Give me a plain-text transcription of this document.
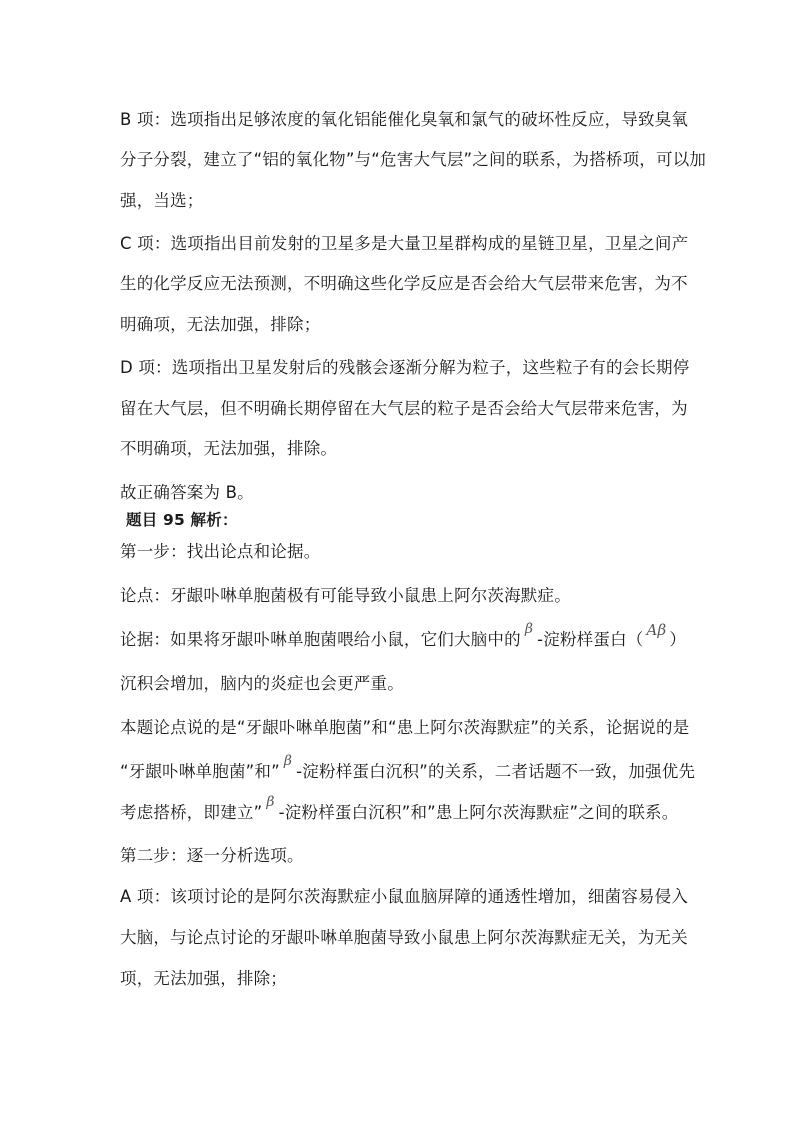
B 项：选项指出足够浓度的氧化铝能催化臭氧和氯气的破坏性反应，导致臭氧
分子分裂，建立了“铝的氧化物”与“危害大气层”之间的联系，为搭桥项，可以加
强，当选；
C 项：选项指出目前发射的卫星多是大量卫星群构成的星链卫星，卫星之间产
生的化学反应无法预测，不明确这些化学反应是否会给大气层带来危害，为不
明确项，无法加强，排除；
D 项：选项指出卫星发射后的残骸会逐渐分解为粒子，这些粒子有的会长期停
留在大气层，但不明确长期停留在大气层的粒子是否会给大气层带来危害，为
不明确项，无法加强，排除。
故正确答案为 B。
题目 95 解析：
第一步：找出论点和论据。
论点：牙龈卟啉单胞菌极有可能导致小鼠患上阿尔茨海默症。
论据：如果将牙龈卟啉单胞菌喂给小鼠，它们大脑中的β-淀粉样蛋白（ Aβ ）
沉积会增加，脑内的炎症也会更严重。
本题论点说的是“牙龈卟啉单胞菌”和“患上阿尔茨海默症”的关系，论据说的是
“牙龈卟啉单胞菌”和”β-淀粉样蛋白沉积”的关系，二者话题不一致，加强优先
考虑搭桥，即建立”β-淀粉样蛋白沉积”和”患上阿尔茨海默症”之间的联系。
第二步：逐一分析选项。
A 项：该项讨论的是阿尔茨海默症小鼠血脑屏障的通透性增加，细菌容易侵入
大脑，与论点讨论的牙龈卟啉单胞菌导致小鼠患上阿尔茨海默症无关，为无关
项，无法加强，排除；
